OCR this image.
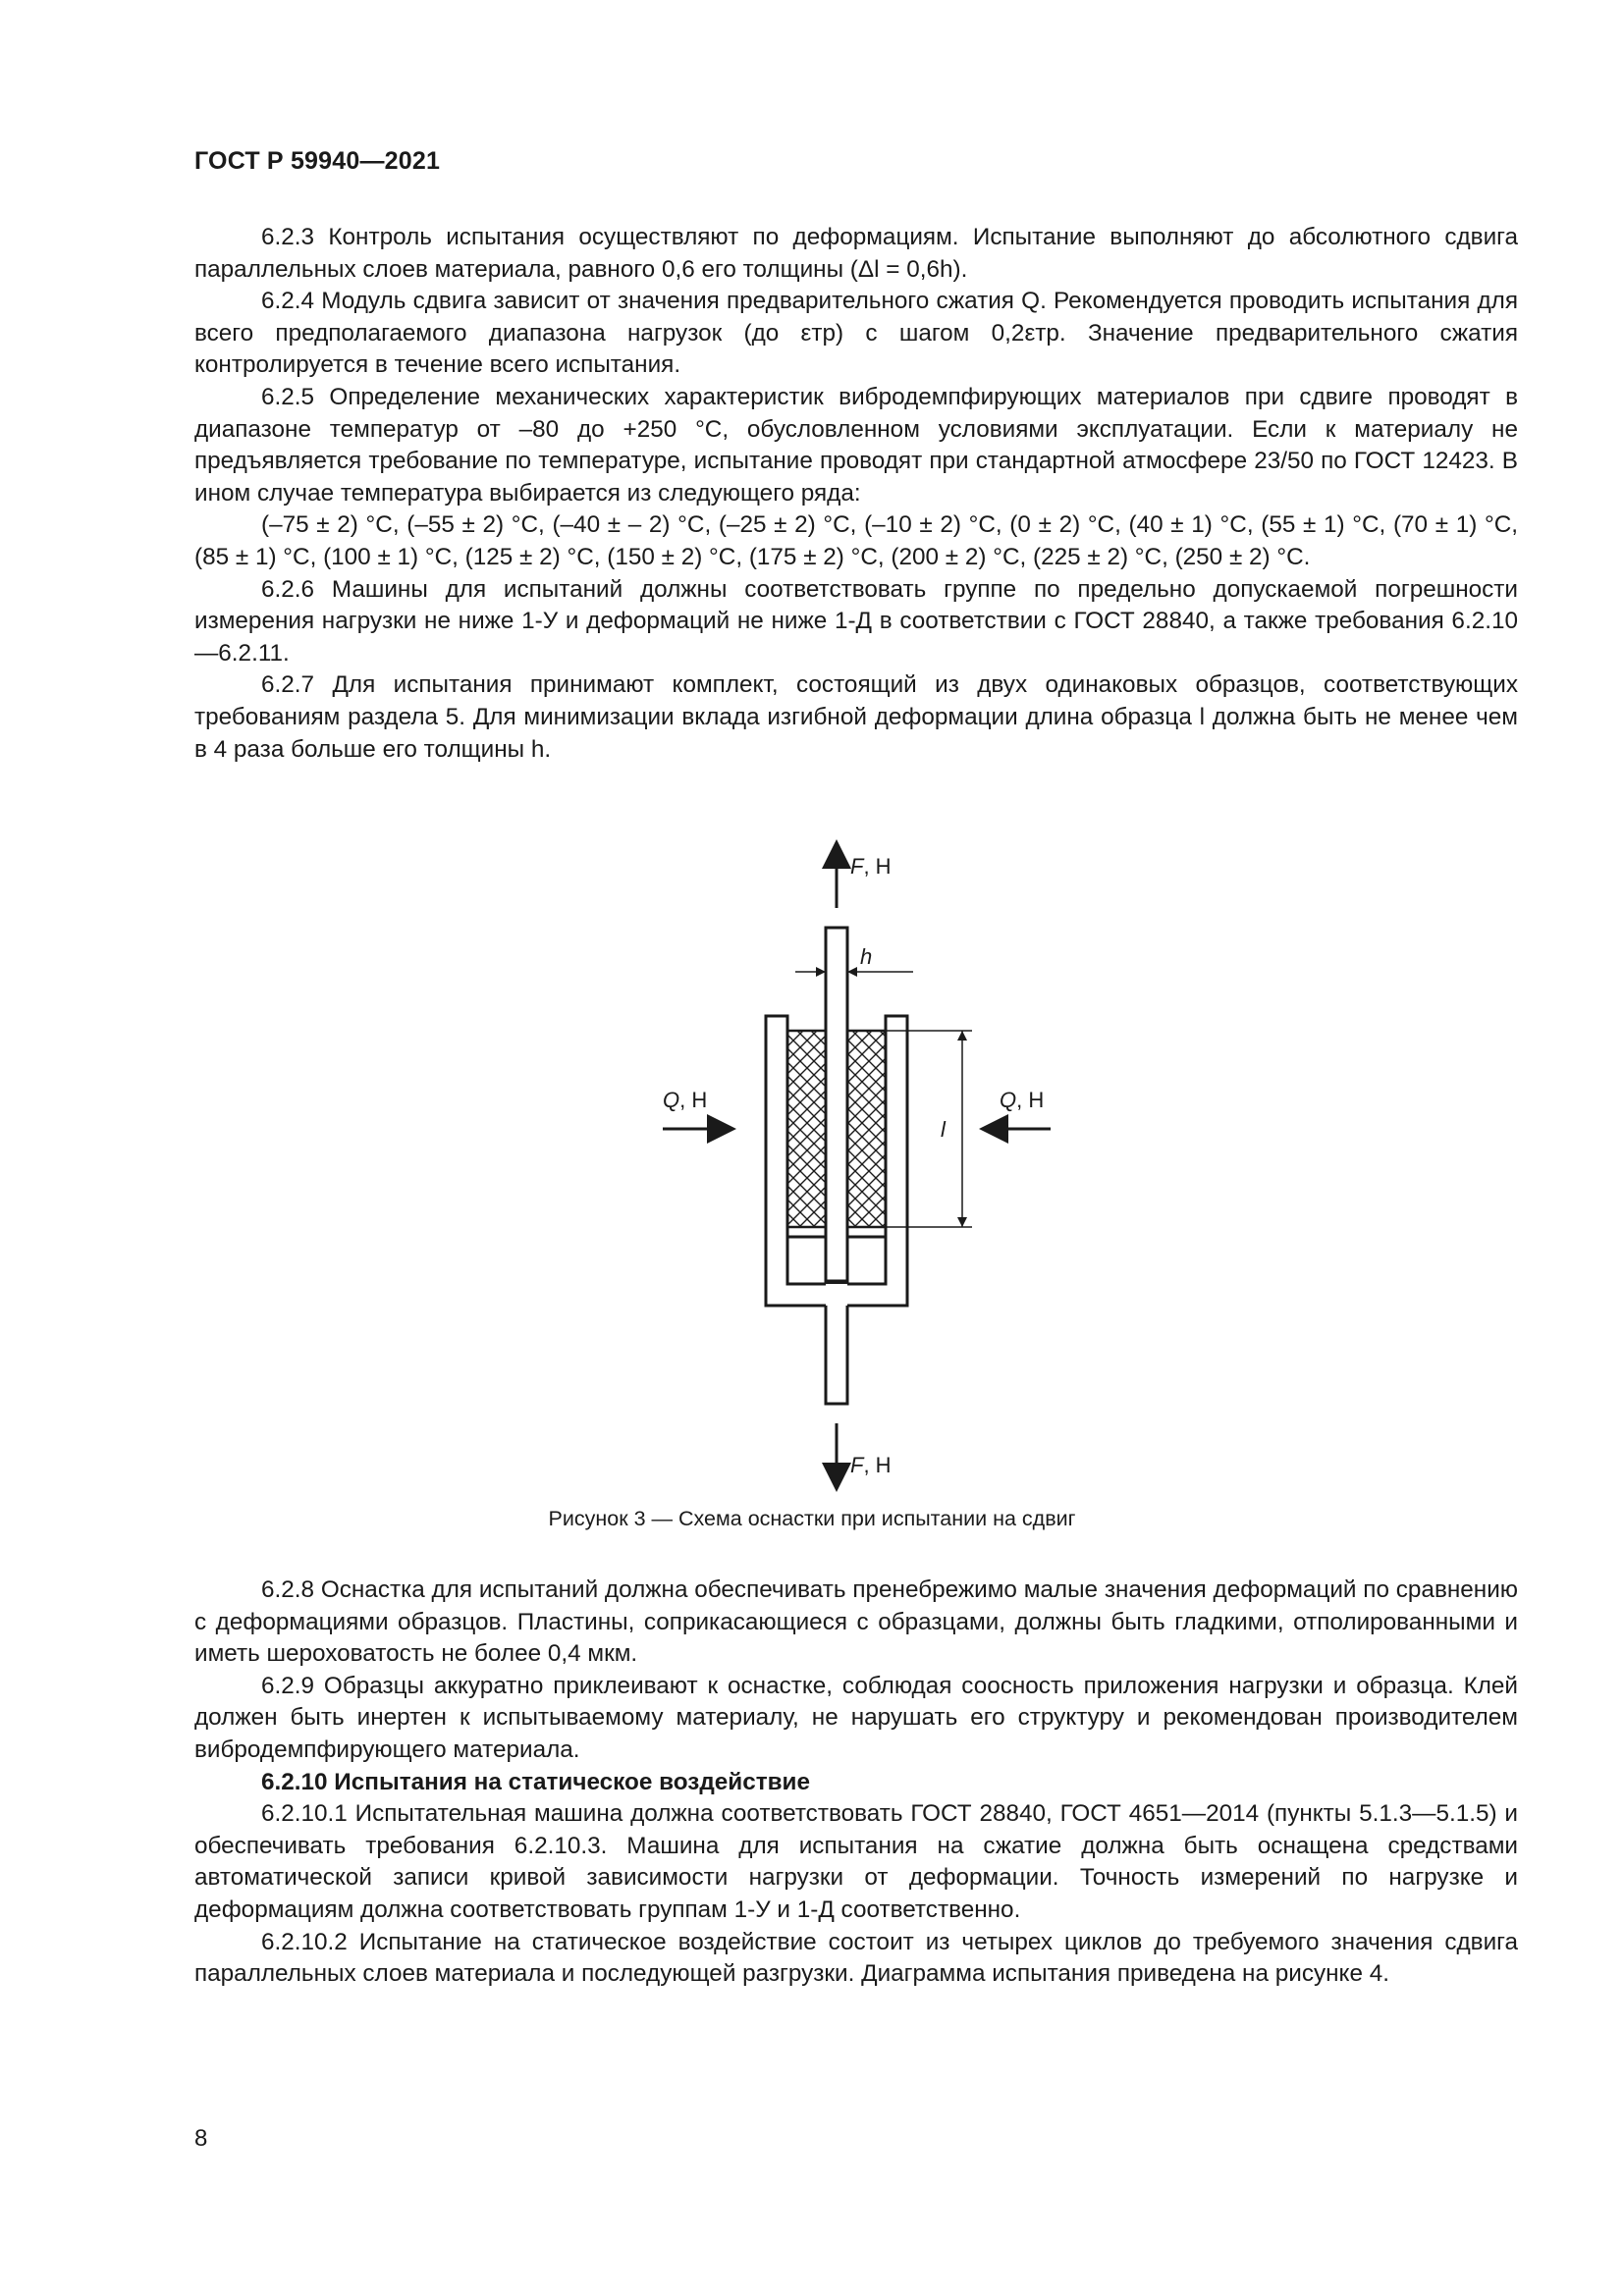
ГОСТ Р 59940—2021

6.2.3 Контроль испытания осуществляют по деформациям. Испытание выполняют до абсолютного сдвига параллельных слоев материала, равного 0,6 его толщины (Δl = 0,6h).

6.2.4 Модуль сдвига зависит от значения предварительного сжатия Q. Рекомендуется проводить испытания для всего предполагаемого диапазона нагрузок (до εтр) с шагом 0,2εтр. Значение предварительного сжатия контролируется в течение всего испытания.

6.2.5 Определение механических характеристик вибродемпфирующих материалов при сдвиге проводят в диапазоне температур от –80 до +250 °С, обусловленном условиями эксплуатации. Если к материалу не предъявляется требование по температуре, испытание проводят при стандартной атмосфере 23/50 по ГОСТ 12423. В ином случае температура выбирается из следующего ряда:

(–75 ± 2) °С, (–55 ± 2) °С, (–40 ± – 2) °С, (–25 ± 2) °С, (–10 ± 2) °С, (0 ± 2) °С, (40 ± 1) °С, (55 ± 1) °С, (70 ± 1) °С, (85 ± 1) °С, (100 ± 1) °С, (125 ± 2) °С, (150 ± 2) °С, (175 ± 2) °С, (200 ± 2) °С, (225 ± 2) °С, (250 ± 2) °С.

6.2.6 Машины для испытаний должны соответствовать группе по предельно допускаемой погрешности измерения нагрузки не ниже 1-У и деформаций не ниже 1-Д в соответствии с ГОСТ 28840, а также требования 6.2.10—6.2.11.

6.2.7 Для испытания принимают комплект, состоящий из двух одинаковых образцов, соответствующих требованиям раздела 5. Для минимизации вклада изгибной деформации длина образца l должна быть не менее чем в 4 раза больше его толщины h.

F, H
h
l
Q, H	Q, H
F, H
Рисунок 3 — Схема оснастки при испытании на сдвиг

6.2.8 Оснастка для испытаний должна обеспечивать пренебрежимо малые значения деформаций по сравнению с деформациями образцов. Пластины, соприкасающиеся с образцами, должны быть гладкими, отполированными и иметь шероховатость не более 0,4 мкм.

6.2.9 Образцы аккуратно приклеивают к оснастке, соблюдая соосность приложения нагрузки и образца. Клей должен быть инертен к испытываемому материалу, не нарушать его структуру и рекомендован производителем вибродемпфирующего материала.

6.2.10 Испытания на статическое воздействие

6.2.10.1 Испытательная машина должна соответствовать ГОСТ 28840, ГОСТ 4651—2014 (пункты 5.1.3—5.1.5) и обеспечивать требования 6.2.10.3. Машина для испытания на сжатие должна быть оснащена средствами автоматической записи кривой зависимости нагрузки от деформации. Точность измерений по нагрузке и деформациям должна соответствовать группам 1-У и 1-Д соответственно.

6.2.10.2 Испытание на статическое воздействие состоит из четырех циклов до требуемого значения сдвига параллельных слоев материала и последующей разгрузки. Диаграмма испытания приведена на рисунке 4.

8
